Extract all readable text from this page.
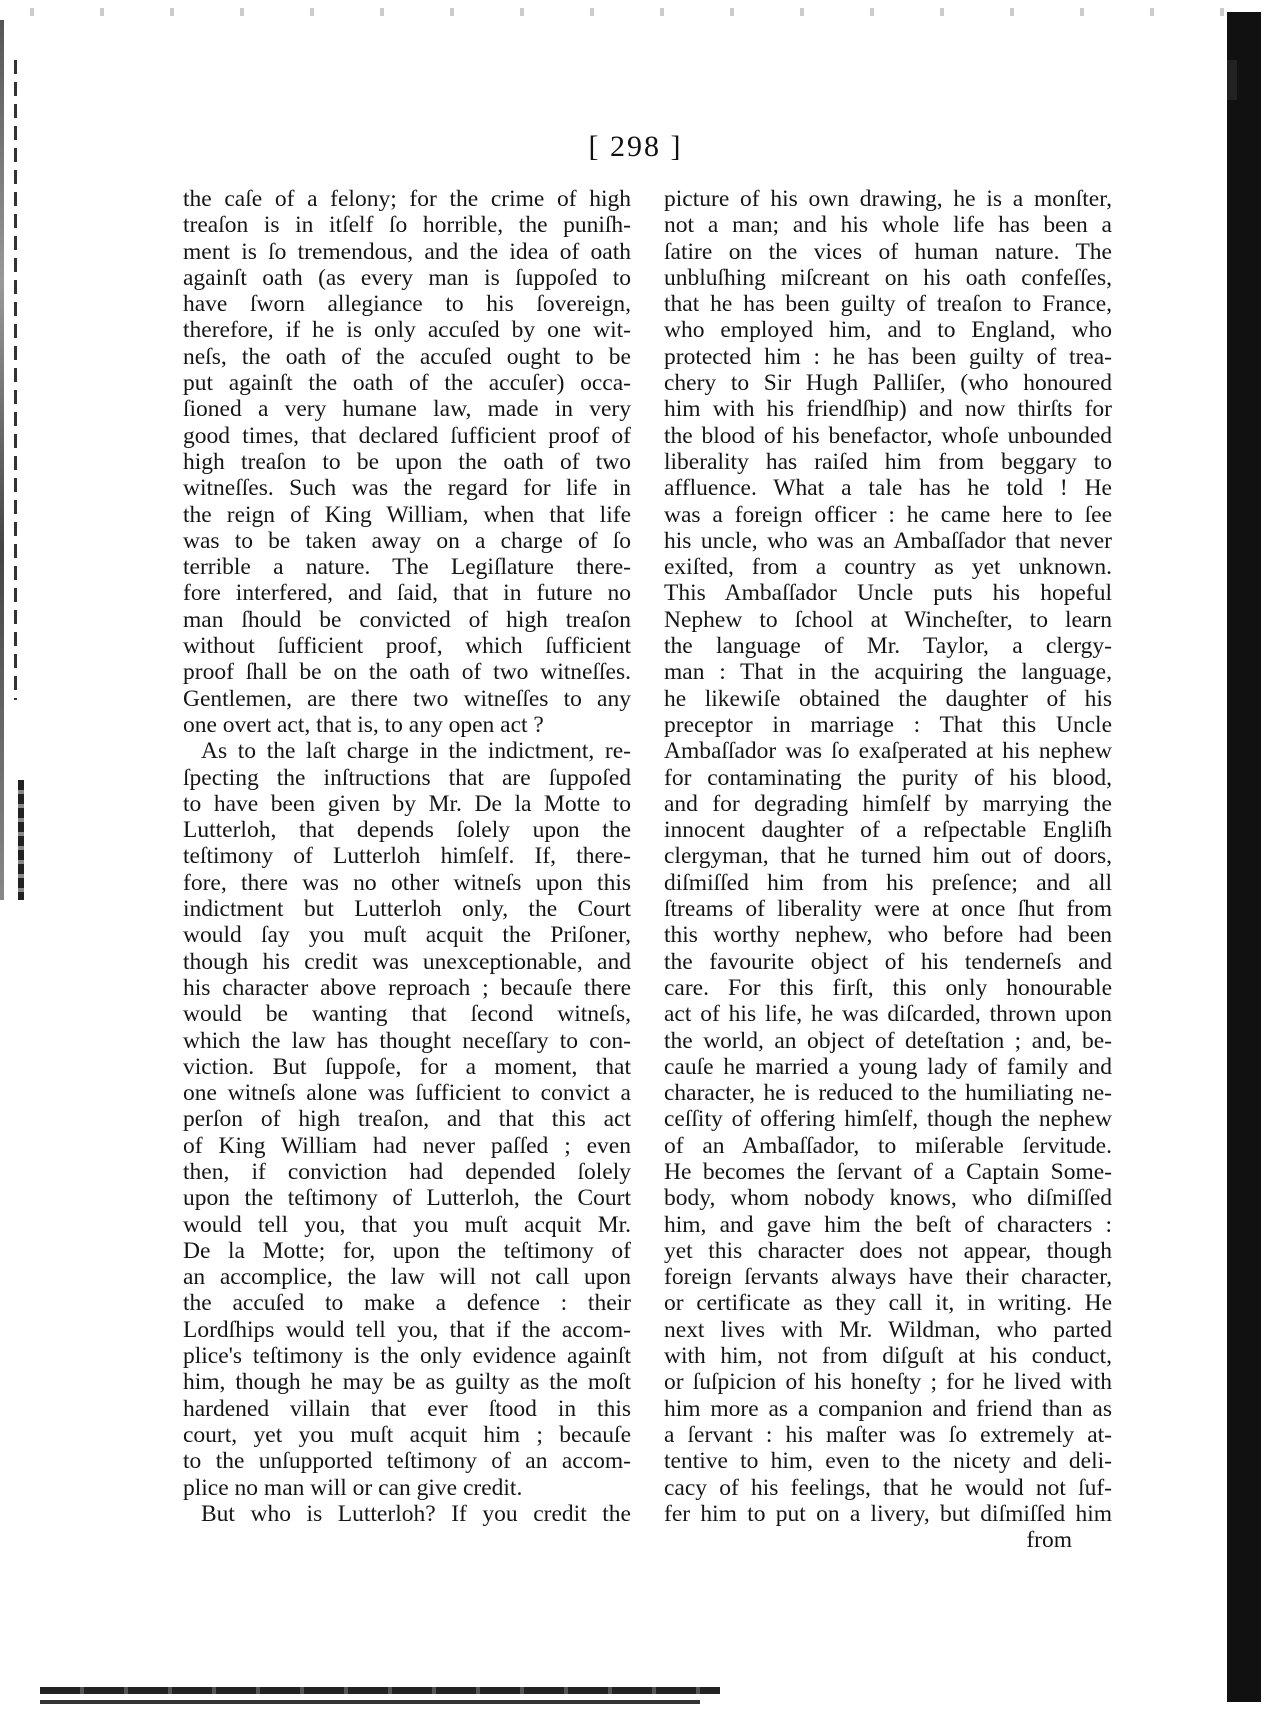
[ 298 ]
the caſe of a felony; for the crime of high
treaſon is in itſelf ſo horrible, the puniſh-
ment is ſo tremendous, and the idea of oath
againſt oath (as every man is ſuppoſed to
have ſworn allegiance to his ſovereign,
therefore, if he is only accuſed by one wit-
neſs, the oath of the accuſed ought to be
put againſt the oath of the accuſer) occa-
ſioned a very humane law, made in very
good times, that declared ſufficient proof of
high treaſon to be upon the oath of two
witneſſes. Such was the regard for life in
the reign of King William, when that life
was to be taken away on a charge of ſo
terrible a nature. The Legiſlature there-
fore interfered, and ſaid, that in future no
man ſhould be convicted of high treaſon
without ſufficient proof, which ſufficient
proof ſhall be on the oath of two witneſſes.
Gentlemen, are there two witneſſes to any
one overt act, that is, to any open act ?
As to the laſt charge in the indictment, re-
ſpecting the inſtructions that are ſuppoſed
to have been given by Mr. De la Motte to
Lutterloh, that depends ſolely upon the
teſtimony of Lutterloh himſelf. If, there-
fore, there was no other witneſs upon this
indictment but Lutterloh only, the Court
would ſay you muſt acquit the Priſoner,
though his credit was unexceptionable, and
his character above reproach ; becauſe there
would be wanting that ſecond witneſs,
which the law has thought neceſſary to con-
viction. But ſuppoſe, for a moment, that
one witneſs alone was ſufficient to convict a
perſon of high treaſon, and that this act
of King William had never paſſed ; even
then, if conviction had depended ſolely
upon the teſtimony of Lutterloh, the Court
would tell you, that you muſt acquit Mr.
De la Motte; for, upon the teſtimony of
an accomplice, the law will not call upon
the accuſed to make a defence : their
Lordſhips would tell you, that if the accom-
plice's teſtimony is the only evidence againſt
him, though he may be as guilty as the moſt
hardened villain that ever ſtood in this
court, yet you muſt acquit him ; becauſe
to the unſupported teſtimony of an accom-
plice no man will or can give credit.
But who is Lutterloh? If you credit the
picture of his own drawing, he is a monſter,
not a man; and his whole life has been a
ſatire on the vices of human nature. The
unbluſhing miſcreant on his oath confeſſes,
that he has been guilty of treaſon to France,
who employed him, and to England, who
protected him : he has been guilty of trea-
chery to Sir Hugh Palliſer, (who honoured
him with his friendſhip) and now thirſts for
the blood of his benefactor, whoſe unbounded
liberality has raiſed him from beggary to
affluence. What a tale has he told ! He
was a foreign officer : he came here to ſee
his uncle, who was an Ambaſſador that never
exiſted, from a country as yet unknown.
This Ambaſſador Uncle puts his hopeful
Nephew to ſchool at Wincheſter, to learn
the language of Mr. Taylor, a clergy-
man : That in the acquiring the language,
he likewiſe obtained the daughter of his
preceptor in marriage : That this Uncle
Ambaſſador was ſo exaſperated at his nephew
for contaminating the purity of his blood,
and for degrading himſelf by marrying the
innocent daughter of a reſpectable Engliſh
clergyman, that he turned him out of doors,
diſmiſſed him from his preſence; and all
ſtreams of liberality were at once ſhut from
this worthy nephew, who before had been
the favourite object of his tenderneſs and
care. For this firſt, this only honourable
act of his life, he was diſcarded, thrown upon
the world, an object of deteſtation ; and, be-
cauſe he married a young lady of family and
character, he is reduced to the humiliating ne-
ceſſity of offering himſelf, though the nephew
of an Ambaſſador, to miſerable ſervitude.
He becomes the ſervant of a Captain Some-
body, whom nobody knows, who diſmiſſed
him, and gave him the beſt of characters :
yet this character does not appear, though
foreign ſervants always have their character,
or certificate as they call it, in writing. He
next lives with Mr. Wildman, who parted
with him, not from diſguſt at his conduct,
or ſuſpicion of his honeſty ; for he lived with
him more as a companion and friend than as
a ſervant : his maſter was ſo extremely at-
tentive to him, even to the nicety and deli-
cacy of his feelings, that he would not ſuf-
fer him to put on a livery, but diſmiſſed him
from
